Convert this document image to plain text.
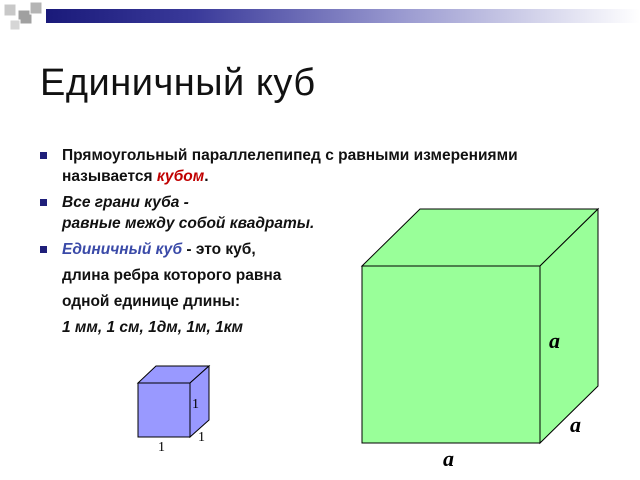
Единичный куб
Прямоугольный параллелепипед с равными измерениями
называется кубом.
Все грани куба -
равные между собой квадраты.
Единичный куб - это куб,
длина ребра которого равна
одной единице длины:
1 мм, 1 см, 1дм, 1м, 1км
1
1
1
a
a
a
